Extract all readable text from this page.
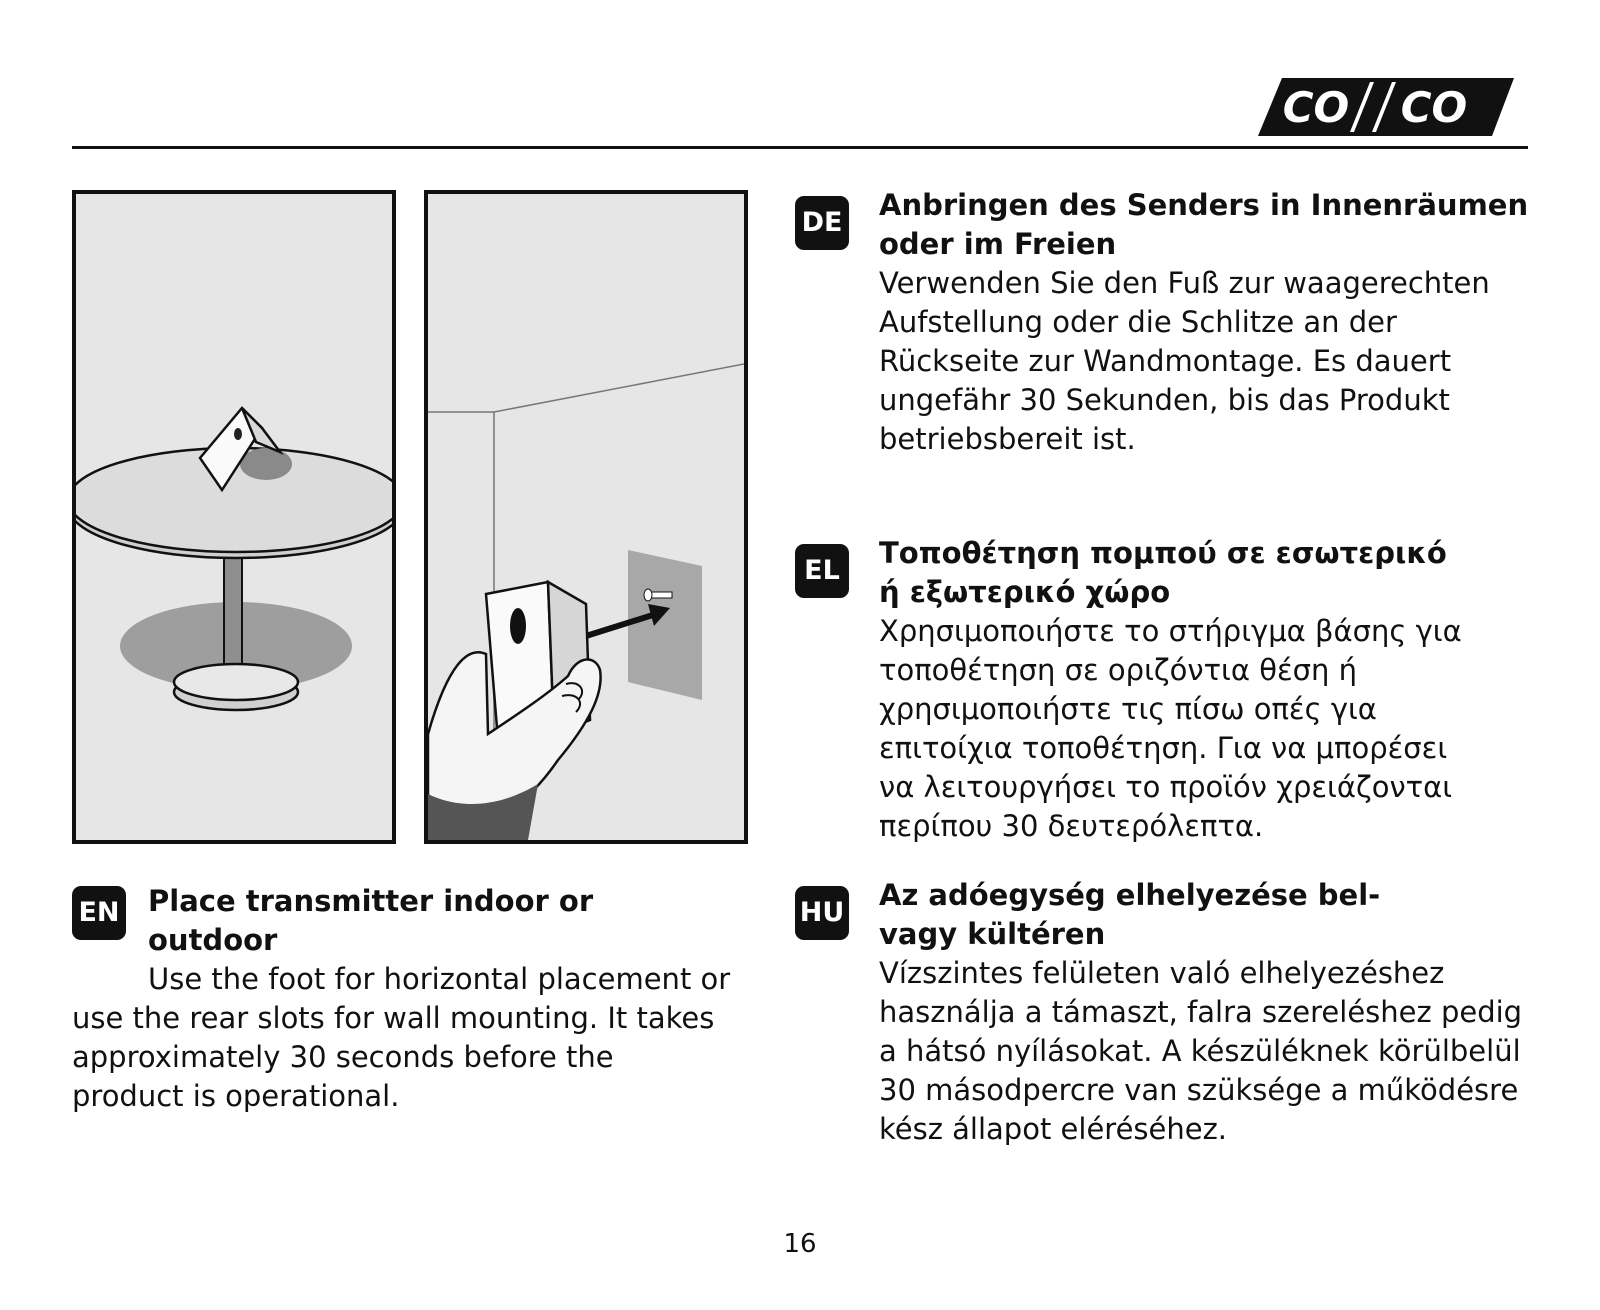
CO CO
DE
Anbringen des Senders in Innenräumen oder im Freien
Verwenden Sie den Fuß zur waagerechten Aufstellung oder die Schlitze an der Rückseite zur Wandmontage. Es dauert ungefähr 30 Sekunden, bis das Produkt betriebsbereit ist.
EL
Τοποθέτηση πομπού σε εσωτερικό ή εξωτερικό χώρο
Χρησιμοποιήστε το στήριγμα βάσης για τοποθέτηση σε οριζόντια θέση ή χρησιμοποιήστε τις πίσω οπές για επιτοίχια τοποθέτηση. Για να μπορέσει να λειτουργήσει το προϊόν χρειάζονται περίπου 30 δευτερόλεπτα.
HU
Az adóegység elhelyezése bel- vagy kültéren
Vízszintes felületen való elhelyezéshez használja a támaszt, falra szereléshez pedig a hátsó nyílásokat. A készüléknek körülbelül 30 másodpercre van szüksége a működésre kész állapot eléréséhez.
EN Place transmitter indoor or outdoor
Use the foot for horizontal placement or use the rear slots for wall mounting. It takes approximately 30 seconds before the product is operational.
16
